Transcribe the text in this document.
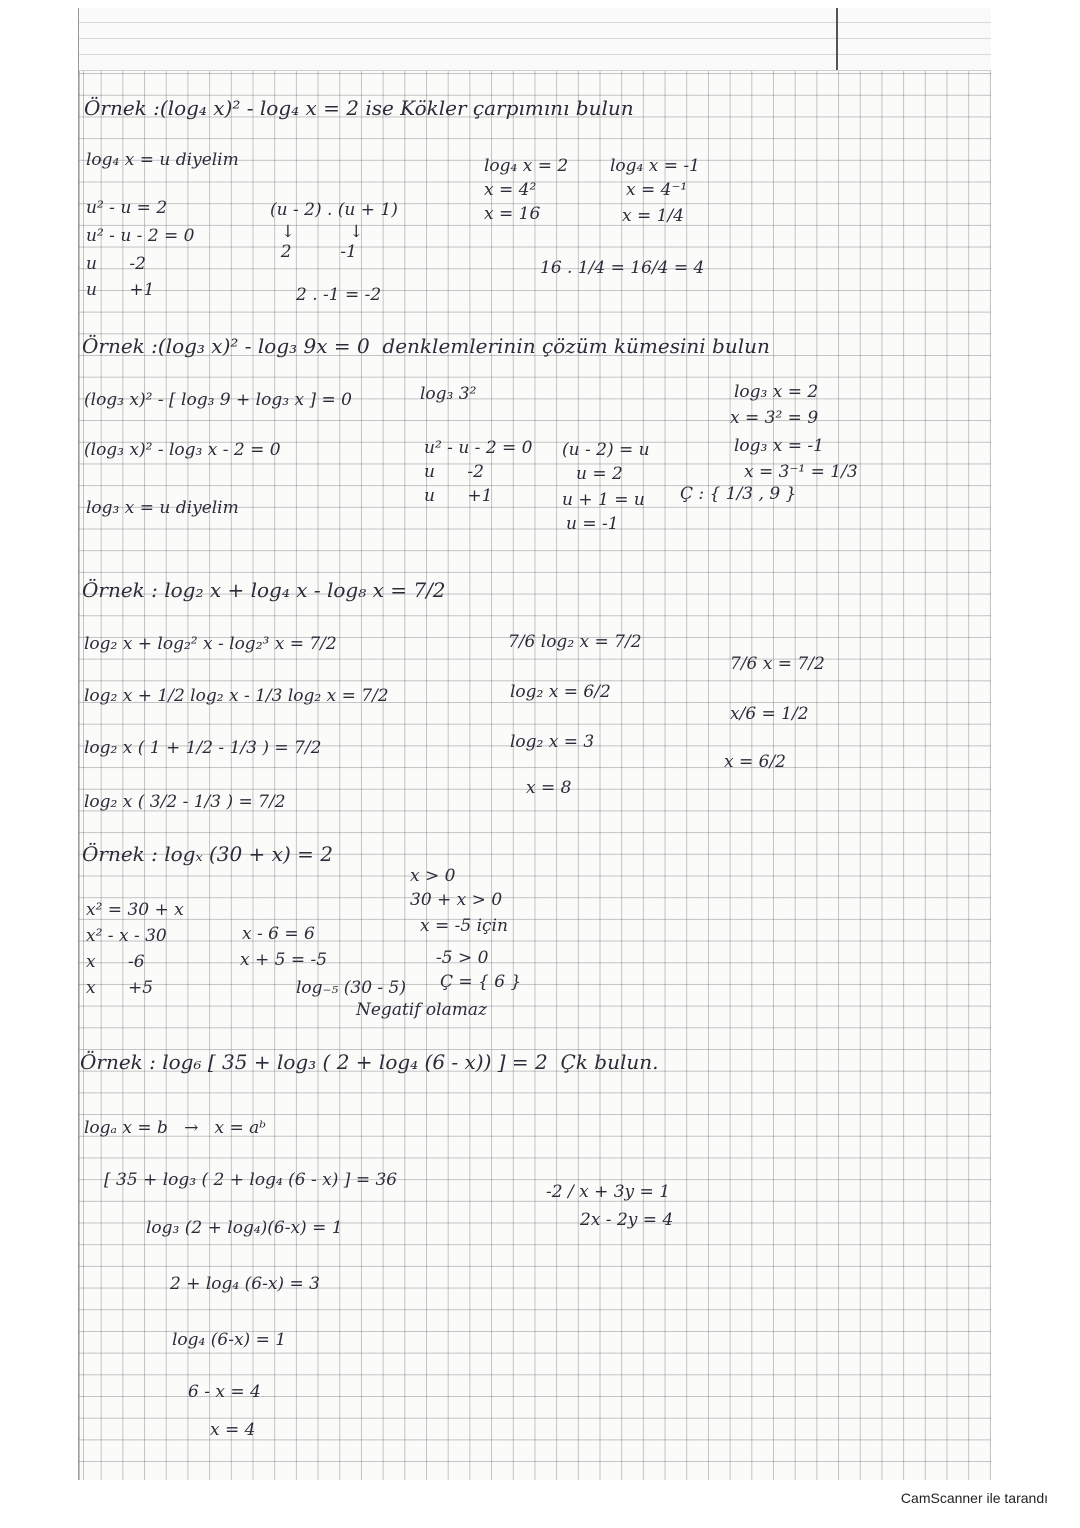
Örnek :(log₄ x)² - log₄ x = 2 ise Kökler çarpımını bulun
log₄ x = u diyelim
u² - u = 2
u² - u - 2 = 0
u      -2
u      +1
(u - 2) . (u + 1)
↓          ↓
2         -1
2 . -1 = -2
log₄ x = 2
x = 4²
x = 16
log₄ x = -1
x = 4⁻¹
x = 1/4
16 . 1/4 = 16/4 = 4
Örnek :(log₃ x)² - log₃ 9x = 0  denklemlerinin çözüm kümesini bulun
(log₃ x)² - [ log₃ 9 + log₃ x ] = 0	log₃ 3²
(log₃ x)² - log₃ x - 2 = 0
log₃ x = u diyelim
u² - u - 2 = 0
u      -2
u      +1
(u - 2) = u
u = 2
u + 1 = u
u = -1
Ç : { 1/3 , 9 }
log₃ x = 2
x = 3² = 9
log₃ x = -1
x = 3⁻¹ = 1/3
Örnek : log₂ x + log₄ x - log₈ x = 7/2
log₂ x + log₂² x - log₂³ x = 7/2
log₂ x + 1/2 log₂ x - 1/3 log₂ x = 7/2
log₂ x ( 1 + 1/2 - 1/3 ) = 7/2
log₂ x ( 3/2 - 1/3 ) = 7/2
7/6 log₂ x = 7/2
log₂ x = 6/2
log₂ x = 3
x = 8
7/6 x = 7/2
x/6 = 1/2
x = 6/2
Örnek : logₓ (30 + x) = 2
x² = 30 + x
x² - x - 30
x      -6
x      +5
x - 6 = 6
x + 5 = -5
log₋₅ (30 - 5)
Negatif olamaz
x > 0
30 + x > 0
x = -5 için
-5 > 0
Ç = { 6 }
Örnek : log₆ [ 35 + log₃ ( 2 + log₄ (6 - x)) ] = 2  Çk bulun.
logₐ x = b   →   x = aᵇ
[ 35 + log₃ ( 2 + log₄ (6 - x) ] = 36
log₃ (2 + log₄)(6-x) = 1
2 + log₄ (6-x) = 3
log₄ (6-x) = 1
6 - x = 4
x = 4
-2 / x + 3y = 1
2x - 2y = 4
CamScanner ile tarandı
